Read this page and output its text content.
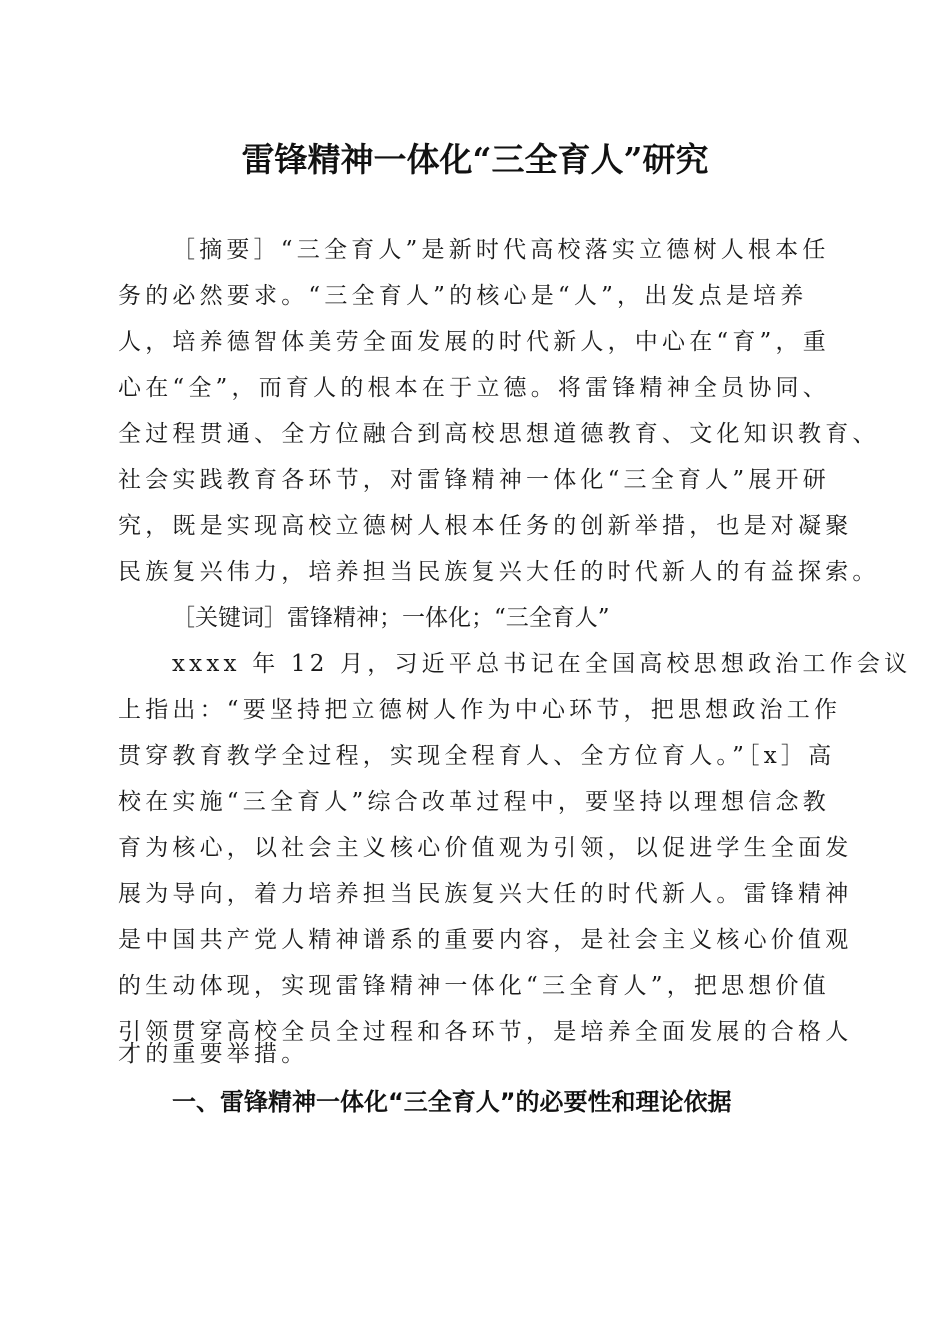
雷锋精神一体化“三全育人”研究
［摘要］“三全育人”是新时代高校落实立德树人根本任
务的必然要求。“三全育人”的核心是“人”，出发点是培养
人，培养德智体美劳全面发展的时代新人，中心在“育”，重
心在“全”，而育人的根本在于立德。将雷锋精神全员协同、
全过程贯通、全方位融合到高校思想道德教育、文化知识教育、
社会实践教育各环节，对雷锋精神一体化“三全育人”展开研
究，既是实现高校立德树人根本任务的创新举措，也是对凝聚
民族复兴伟力，培养担当民族复兴大任的时代新人的有益探索。
［关键词］雷锋精神；一体化；“三全育人”
xxxx 年 12 月，习近平总书记在全国高校思想政治工作会议
上指出：“要坚持把立德树人作为中心环节，把思想政治工作
贯穿教育教学全过程，实现全程育人、全方位育人。”［x］高
校在实施“三全育人”综合改革过程中，要坚持以理想信念教
育为核心，以社会主义核心价值观为引领，以促进学生全面发
展为导向，着力培养担当民族复兴大任的时代新人。雷锋精神
是中国共产党人精神谱系的重要内容，是社会主义核心价值观
的生动体现，实现雷锋精神一体化“三全育人”，把思想价值
引领贯穿高校全员全过程和各环节，是培养全面发展的合格人
一、雷锋精神一体化“三全育人”的必要性和理论依据
才的重要举措。
